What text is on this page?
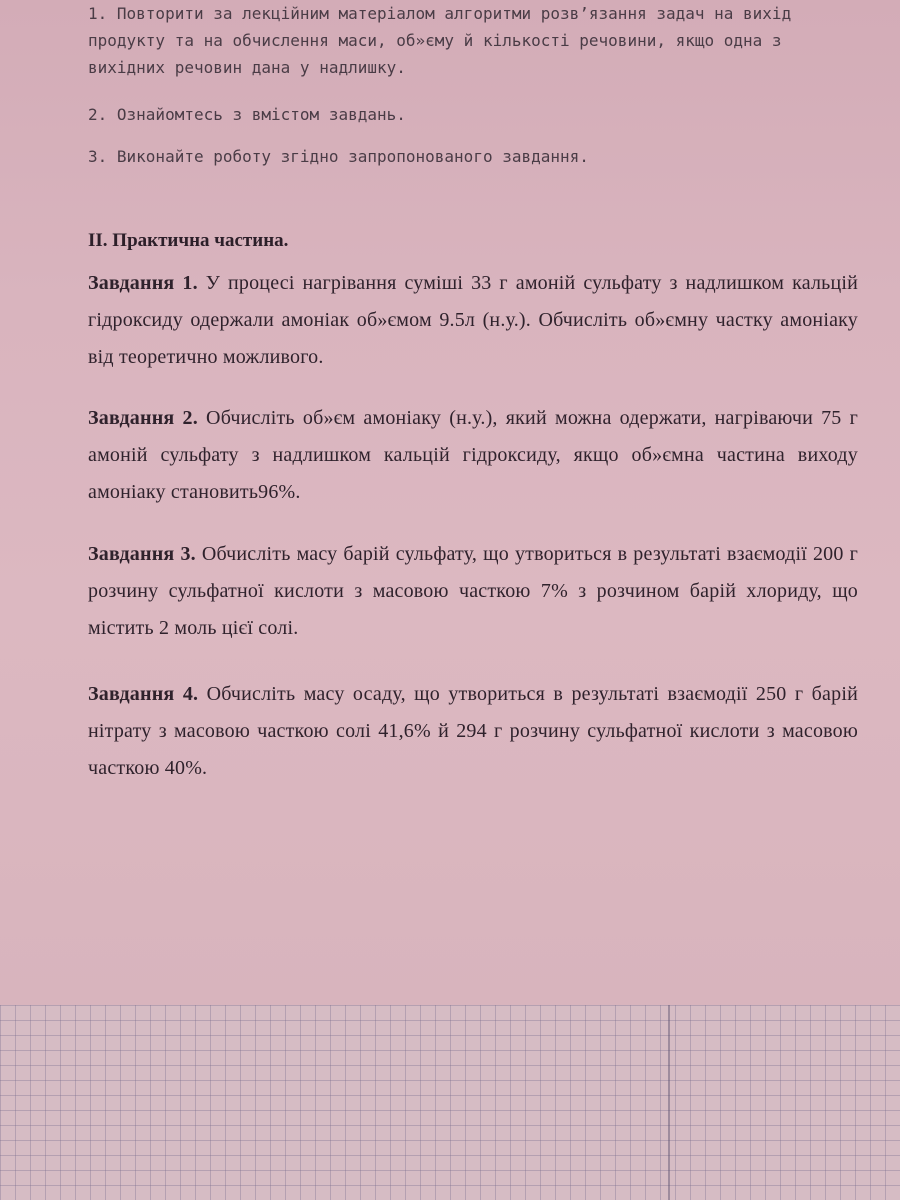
1. Повторити за лекційним матеріалом алгоритми розв’язання задач на вихід продукту та на обчислення маси, об»єму й кількості речовини, якщо одна з вихідних речовин дана у надлишку.

2. Ознайомтесь з вмістом завдань.

3. Виконайте роботу згідно запропонованого завдання.

II. Практична частина.

Завдання 1. У процесі нагрівання суміші 33 г амоній сульфату з надлишком кальцій гідроксиду одержали амоніак об»ємом 9.5л (н.у.). Обчисліть об»ємну частку амоніаку від теоретично можливого.

Завдання 2. Обчисліть об»єм амоніаку (н.у.), який можна одержати, нагріваючи 75 г амоній сульфату з надлишком кальцій гідроксиду, якщо об»ємна частина виходу амоніаку становить96%.

Завдання 3. Обчисліть масу барій сульфату, що утвориться в результаті взаємодії 200 г розчину сульфатної кислоти з масовою часткою 7% з розчином барій хлориду, що містить 2 моль цієї солі.

Завдання 4. Обчисліть масу осаду, що утвориться в результаті взаємодії 250 г барій нітрату з масовою часткою солі 41,6% й 294 г розчину сульфатної кислоти з масовою часткою 40%.
